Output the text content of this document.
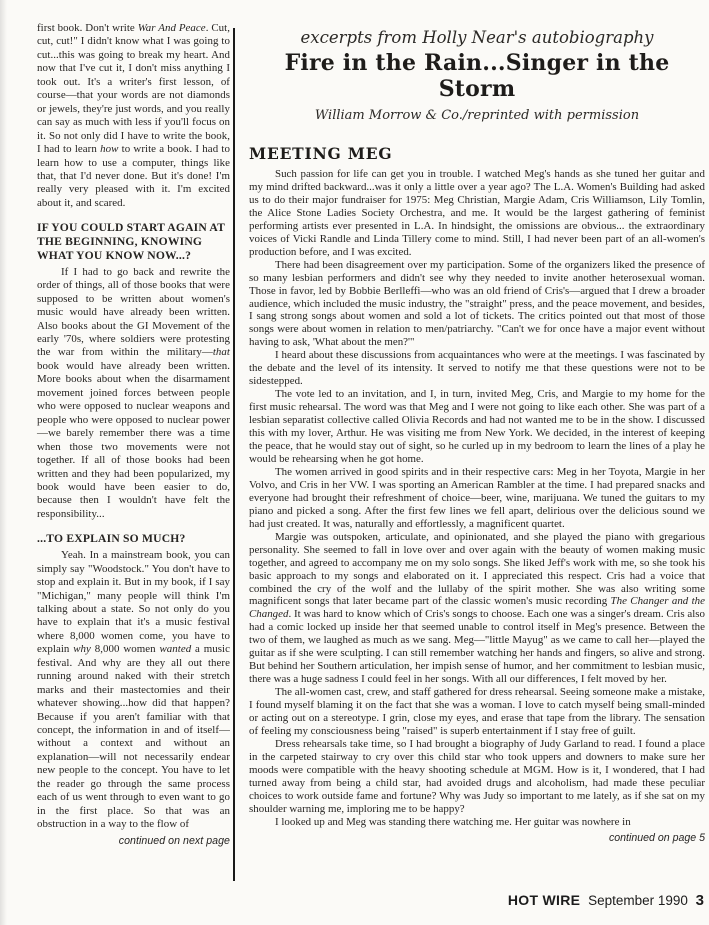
first book. Don't write War And Peace. Cut, cut, cut!" I didn't know what I was going to cut...this was going to break my heart. And now that I've cut it, I don't miss anything I took out. It's a writer's first lesson, of course—that your words are not diamonds or jewels, they're just words, and you really can say as much with less if you'll focus on it. So not only did I have to write the book, I had to learn how to write a book. I had to learn how to use a computer, things like that, that I'd never done. But it's done! I'm really very pleased with it. I'm excited about it, and scared.

IF YOU COULD START AGAIN AT THE BEGINNING, KNOWING WHAT YOU KNOW NOW...?

If I had to go back and rewrite the order of things, all of those books that were supposed to be written about women's music would have already been written. Also books about the GI Movement of the early '70s, where soldiers were protesting the war from within the military—that book would have already been written. More books about when the disarmament movement joined forces between people who were opposed to nuclear weapons and people who were opposed to nuclear power—we barely remember there was a time when those two movements were not together. If all of those books had been written and they had been popularized, my book would have been easier to do, because then I wouldn't have felt the responsibility...

...TO EXPLAIN SO MUCH?

Yeah. In a mainstream book, you can simply say "Woodstock." You don't have to stop and explain it. But in my book, if I say "Michigan," many people will think I'm talking about a state. So not only do you have to explain that it's a music festival where 8,000 women come, you have to explain why 8,000 women wanted a music festival. And why are they all out there running around naked with their stretch marks and their mastectomies and their whatever showing...how did that happen? Because if you aren't familiar with that concept, the information in and of itself—without a context and without an explanation—will not necessarily endear new people to the concept. You have to let the reader go through the same process each of us went through to even want to go in the first place. So that was an obstruction in a way to the flow of

continued on next page
excerpts from Holly Near's autobiography
Fire in the Rain...Singer in the Storm
William Morrow & Co./reprinted with permission
MEETING MEG

Such passion for life can get you in trouble. I watched Meg's hands as she tuned her guitar and my mind drifted backward...was it only a little over a year ago? The L.A. Women's Building had asked us to do their major fundraiser for 1975: Meg Christian, Margie Adam, Cris Williamson, Lily Tomlin, the Alice Stone Ladies Society Orchestra, and me. It would be the largest gathering of feminist performing artists ever presented in L.A. In hindsight, the omissions are obvious... the extraordinary voices of Vicki Randle and Linda Tillery come to mind. Still, I had never been part of an all-women's production before, and I was excited.

There had been disagreement over my participation. Some of the organizers liked the presence of so many lesbian performers and didn't see why they needed to invite another heterosexual woman. Those in favor, led by Bobbie Berlleffi—who was an old friend of Cris's—argued that I drew a broader audience, which included the music industry, the "straight" press, and the peace movement, and besides, I sang strong songs about women and sold a lot of tickets. The critics pointed out that most of those songs were about women in relation to men/patriarchy. "Can't we for once have a major event without having to ask, 'What about the men?'"

I heard about these discussions from acquaintances who were at the meetings. I was fascinated by the debate and the level of its intensity. It served to notify me that these questions were not to be sidestepped.

The vote led to an invitation, and I, in turn, invited Meg, Cris, and Margie to my home for the first music rehearsal. The word was that Meg and I were not going to like each other. She was part of a lesbian separatist collective called Olivia Records and had not wanted me to be in the show. I discussed this with my lover, Arthur. He was visiting me from New York. We decided, in the interest of keeping the peace, that he would stay out of sight, so he curled up in my bedroom to learn the lines of a play he would be rehearsing when he got home.

The women arrived in good spirits and in their respective cars: Meg in her Toyota, Margie in her Volvo, and Cris in her VW. I was sporting an American Rambler at the time. I had prepared snacks and everyone had brought their refreshment of choice—beer, wine, marijuana. We tuned the guitars to my piano and picked a song. After the first few lines we fell apart, delirious over the delicious sound we had just created. It was, naturally and effortlessly, a magnificent quartet.

Margie was outspoken, articulate, and opinionated, and she played the piano with gregarious personality. She seemed to fall in love over and over again with the beauty of women making music together, and agreed to accompany me on my solo songs. She liked Jeff's work with me, so she took his basic approach to my songs and elaborated on it. I appreciated this respect. Cris had a voice that combined the cry of the wolf and the lullaby of the spirit mother. She was also writing some magnificent songs that later became part of the classic women's music recording The Changer and the Changed. It was hard to know which of Cris's songs to choose. Each one was a singer's dream. Cris also had a comic locked up inside her that seemed unable to control itself in Meg's presence. Between the two of them, we laughed as much as we sang. Meg—"little Mayug" as we came to call her—played the guitar as if she were sculpting. I can still remember watching her hands and fingers, so alive and strong. But behind her Southern articulation, her impish sense of humor, and her commitment to lesbian music, there was a huge sadness I could feel in her songs. With all our differences, I felt moved by her.

The all-women cast, crew, and staff gathered for dress rehearsal. Seeing someone make a mistake, I found myself blaming it on the fact that she was a woman. I love to catch myself being small-minded or acting out on a stereotype. I grin, close my eyes, and erase that tape from the library. The sensation of feeling my consciousness being "raised" is superb entertainment if I stay free of guilt.

Dress rehearsals take time, so I had brought a biography of Judy Garland to read. I found a place in the carpeted stairway to cry over this child star who took uppers and downers to make sure her moods were compatible with the heavy shooting schedule at MGM. How is it, I wondered, that I had turned away from being a child star, had avoided drugs and alcoholism, had made these peculiar choices to work outside fame and fortune? Why was Judy so important to me lately, as if she sat on my shoulder warning me, imploring me to be happy?

I looked up and Meg was standing there watching me. Her guitar was nowhere in

continued on page 5
HOT WIRE September 1990 3
